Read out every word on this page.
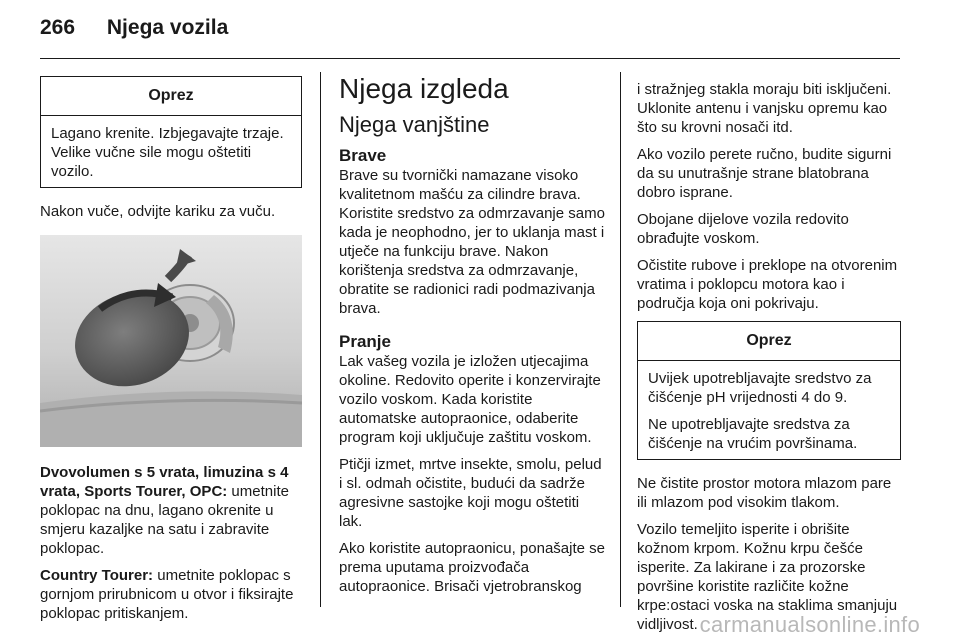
266 Njega vozila
Oprez

Lagano krenite. Izbjegavajte trzaje. Velike vučne sile mogu oštetiti vozilo.

Nakon vuče, odvijte kariku za vuču.

Dvovolumen s 5 vrata, limuzina s 4 vrata, Sports Tourer, OPC: umetnite poklopac na dnu, lagano okrenite u smjeru kazaljke na satu i zabravite poklopac.

Country Tourer: umetnite poklopac s gornjom prirubnicom u otvor i fiksirajte poklopac pritiskanjem.

Njega izgleda
Njega vanjštine
Brave

Brave su tvornički namazane visoko kvalitetnom mašću za cilindre brava. Koristite sredstvo za odmrzavanje samo kada je neophodno, jer to uklanja mast i utječe na funkciju brave. Nakon korištenja sredstva za odmrzavanje, obratite se radionici radi podmazivanja brava.

Pranje

Lak vašeg vozila je izložen utjecajima okoline. Redovito operite i konzervirajte vozilo voskom. Kada koristite automatske autopraonice, odaberite program koji uključuje zaštitu voskom.

Ptičji izmet, mrtve insekte, smolu, pelud i sl. odmah očistite, budući da sadrže agresivne sastojke koji mogu oštetiti lak.

Ako koristite autopraonicu, ponašajte se prema uputama proizvođača autopraonice. Brisači vjetrobranskog

i stražnjeg stakla moraju biti isključeni. Uklonite antenu i vanjsku opremu kao što su krovni nosači itd.

Ako vozilo perete ručno, budite sigurni da su unutrašnje strane blatobrana dobro isprane.

Obojane dijelove vozila redovito obrađujte voskom.

Očistite rubove i preklope na otvorenim vratima i poklopcu motora kao i područja koja oni pokrivaju.

Oprez

Uvijek upotrebljavajte sredstvo za čišćenje pH vrijednosti 4 do 9.

Ne upotrebljavajte sredstva za čišćenje na vrućim površinama.

Ne čistite prostor motora mlazom pare ili mlazom pod visokim tlakom.

Vozilo temeljito isperite i obrišite kožnom krpom. Kožnu krpu češće isperite. Za lakirane i za prozorske površine koristite različite kožne krpe:ostaci voska na staklima smanjuju vidljivost. carmanualsonline.info
